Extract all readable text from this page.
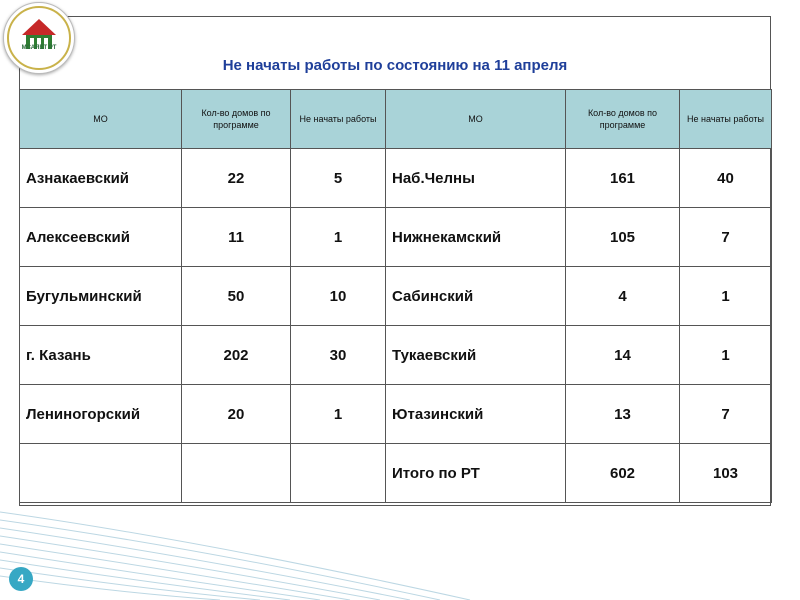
МСАЯЕТ РТ
Не начаты работы по состоянию на 11 апреля
МО	Кол-во домов по программе	Не начаты работы	МО	Кол-во домов по программе	Не начаты работы
Азнакаевский	22	5	Наб.Челны	161	40
Алексеевский	11	1	Нижнекамский	105	7
Бугульминский	50	10	Сабинский	4	1
г. Казань	202	30	Тукаевский	14	1
Лениногорский	20	1	Ютазинский	13	7
			Итого по РТ	602	103
4
